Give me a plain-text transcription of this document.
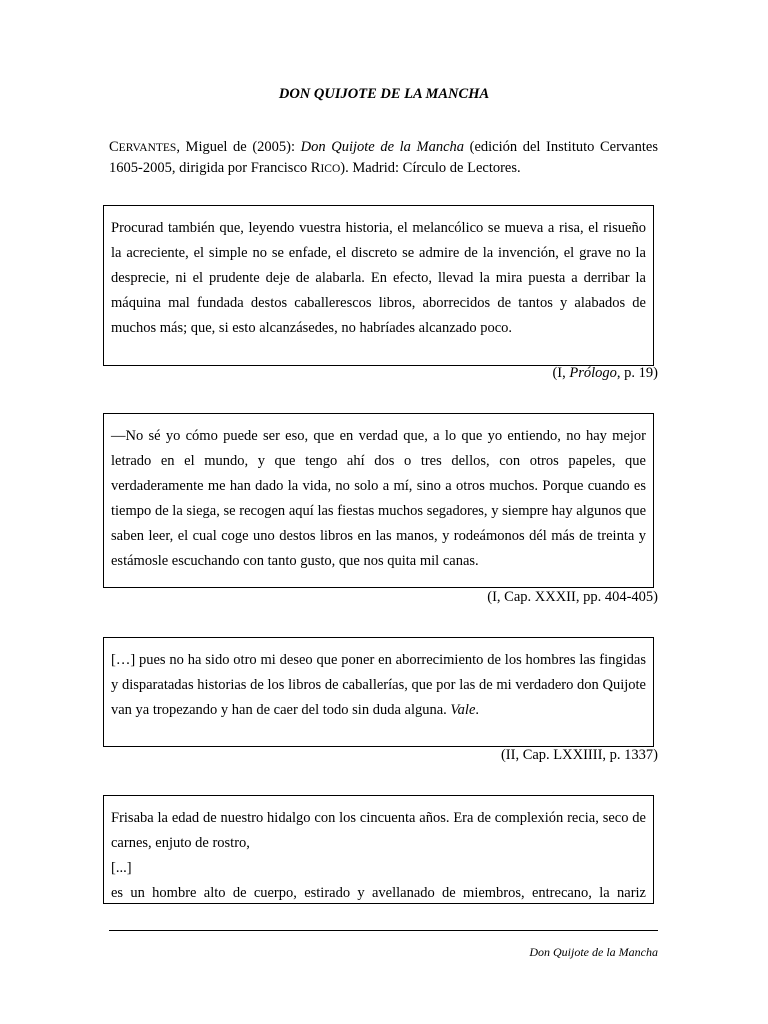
DON QUIJOTE DE LA MANCHA
CERVANTES, Miguel de (2005): Don Quijote de la Mancha (edición del Instituto Cervantes 1605-2005, dirigida por Francisco RICO). Madrid: Círculo de Lectores.
Procurad también que, leyendo vuestra historia, el melancólico se mueva a risa, el risueño la acreciente, el simple no se enfade, el discreto se admire de la invención, el grave no la desprecie, ni el prudente deje de alabarla. En efecto, llevad la mira puesta a derribar la máquina mal fundada destos caballerescos libros, aborrecidos de tantos y alabados de muchos más; que, si esto alcanzásedes, no habríades alcanzado poco.
(I, Prólogo, p. 19)
—No sé yo cómo puede ser eso, que en verdad que, a lo que yo entiendo, no hay mejor letrado en el mundo, y que tengo ahí dos o tres dellos, con otros papeles, que verdaderamente me han dado la vida, no solo a mí, sino a otros muchos. Porque cuando es tiempo de la siega, se recogen aquí las fiestas muchos segadores, y siempre hay algunos que saben leer, el cual coge uno destos libros en las manos, y rodeámonos dél más de treinta y estámosle escuchando con tanto gusto, que nos quita mil canas.
(I, Cap. XXXII, pp. 404-405)
[…] pues no ha sido otro mi deseo que poner en aborrecimiento de los hombres las fingidas y disparatadas historias de los libros de caballerías, que por las de mi verdadero don Quijote van ya tropezando y han de caer del todo sin duda alguna. Vale.
(II, Cap. LXXIIII, p. 1337)
Frisaba la edad de nuestro hidalgo con los cincuenta años. Era de complexión recia, seco de carnes, enjuto de rostro,
[...]
es un hombre alto de cuerpo, estirado y avellanado de miembros, entrecano, la nariz
Don Quijote de la Mancha
